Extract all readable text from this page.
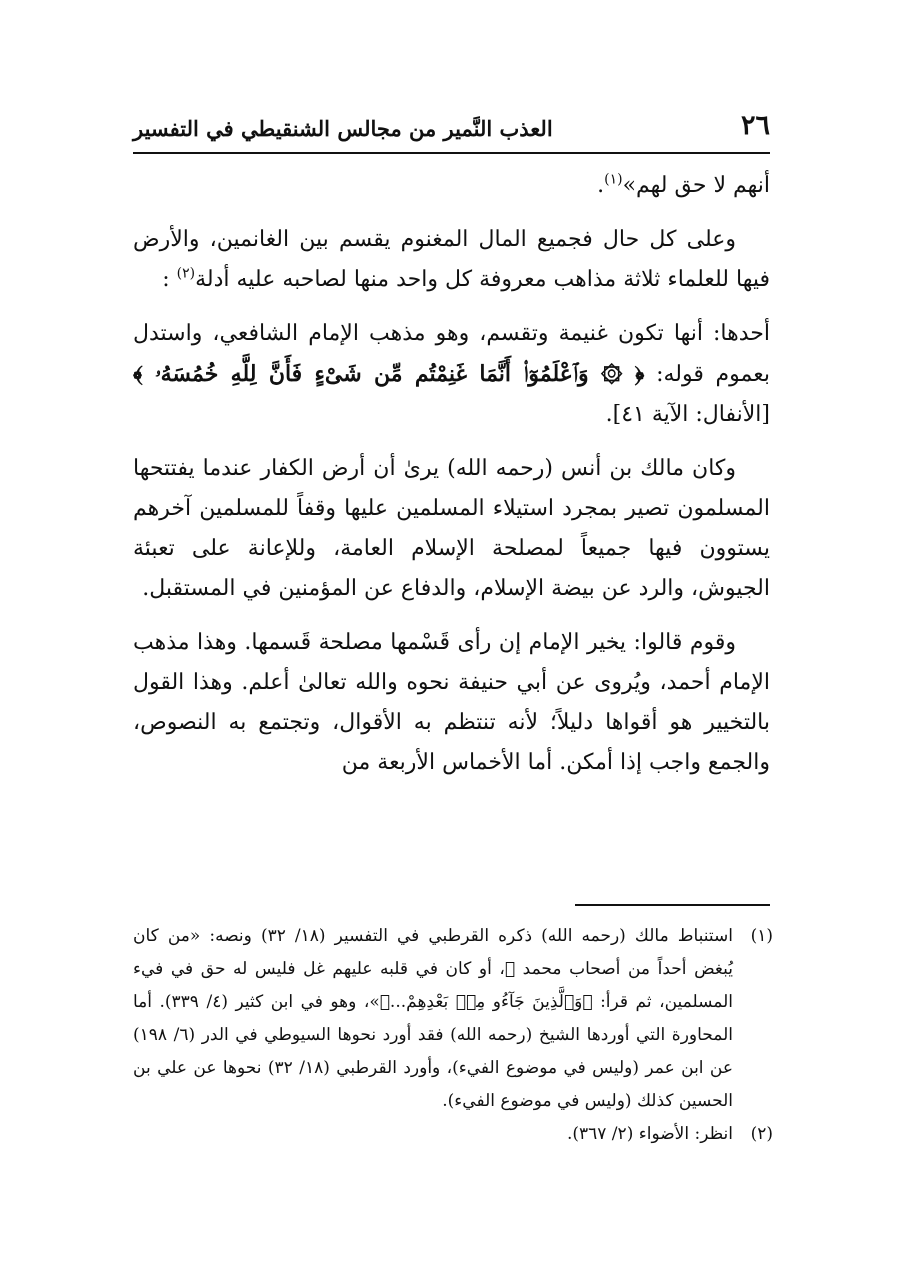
٢٦
العذب النَّمير من مجالس الشنقيطي في التفسير

أنهم لا حق لهم»$^{(١)}$.

وعلى كل حال فجميع المال المغنوم يقسم بين الغانمين، والأرض فيها للعلماء ثلاثة مذاهب معروفة كل واحد منها لصاحبه عليه أدلة$^{(٢)}$ :

أحدها: أنها تكون غنيمة وتقسم، وهو مذهب الإمام الشافعي، واستدل بعموم قوله: ﴿ ۞ وَٱعْلَمُوٓا۟ أَنَّمَا غَنِمْتُم مِّن شَىْءٍ فَأَنَّ لِلَّهِ خُمُسَهُۥ ﴾ [الأنفال: الآية ٤١].

وكان مالك بن أنس (رحمه الله) يرىٰ أن أرض الكفار عندما يفتتحها المسلمون تصير بمجرد استيلاء المسلمين عليها وقفاً للمسلمين آخرهم يستوون فيها جميعاً لمصلحة الإسلام العامة، وللإعانة على تعبئة الجيوش، والرد عن بيضة الإسلام، والدفاع عن المؤمنين في المستقبل.

وقوم قالوا: يخير الإمام إن رأى قَسْمها مصلحة قَسمها. وهذا مذهب الإمام أحمد، ويُروى عن أبي حنيفة نحوه والله تعالىٰ أعلم. وهذا القول بالتخيير هو أقواها دليلاً؛ لأنه تنتظم به الأقوال، وتجتمع به النصوص، والجمع واجب إذا أمكن. أما الأخماس الأربعة من

(١)
استنباط مالك (رحمه الله) ذكره القرطبي في التفسير (١٨/ ٣٢) ونصه: «من كان يُبغض أحداً من أصحاب محمد ﷺ، أو كان في قلبه عليهم غل فليس له حق في فيء المسلمين، ثم قرأ: ﴿وَٱلَّذِينَ جَآءُو مِنۢ بَعْدِهِمْ...﴾»، وهو في ابن كثير (٤/ ٣٣٩). أما المحاورة التي أوردها الشيخ (رحمه الله) فقد أورد نحوها السيوطي في الدر (٦/ ١٩٨) عن ابن عمر (وليس في موضوع الفيء)، وأورد القرطبي (١٨/ ٣٢) نحوها عن علي بن الحسين كذلك (وليس في موضوع الفيء).
(٢)
انظر: الأضواء (٢/ ٣٦٧).
